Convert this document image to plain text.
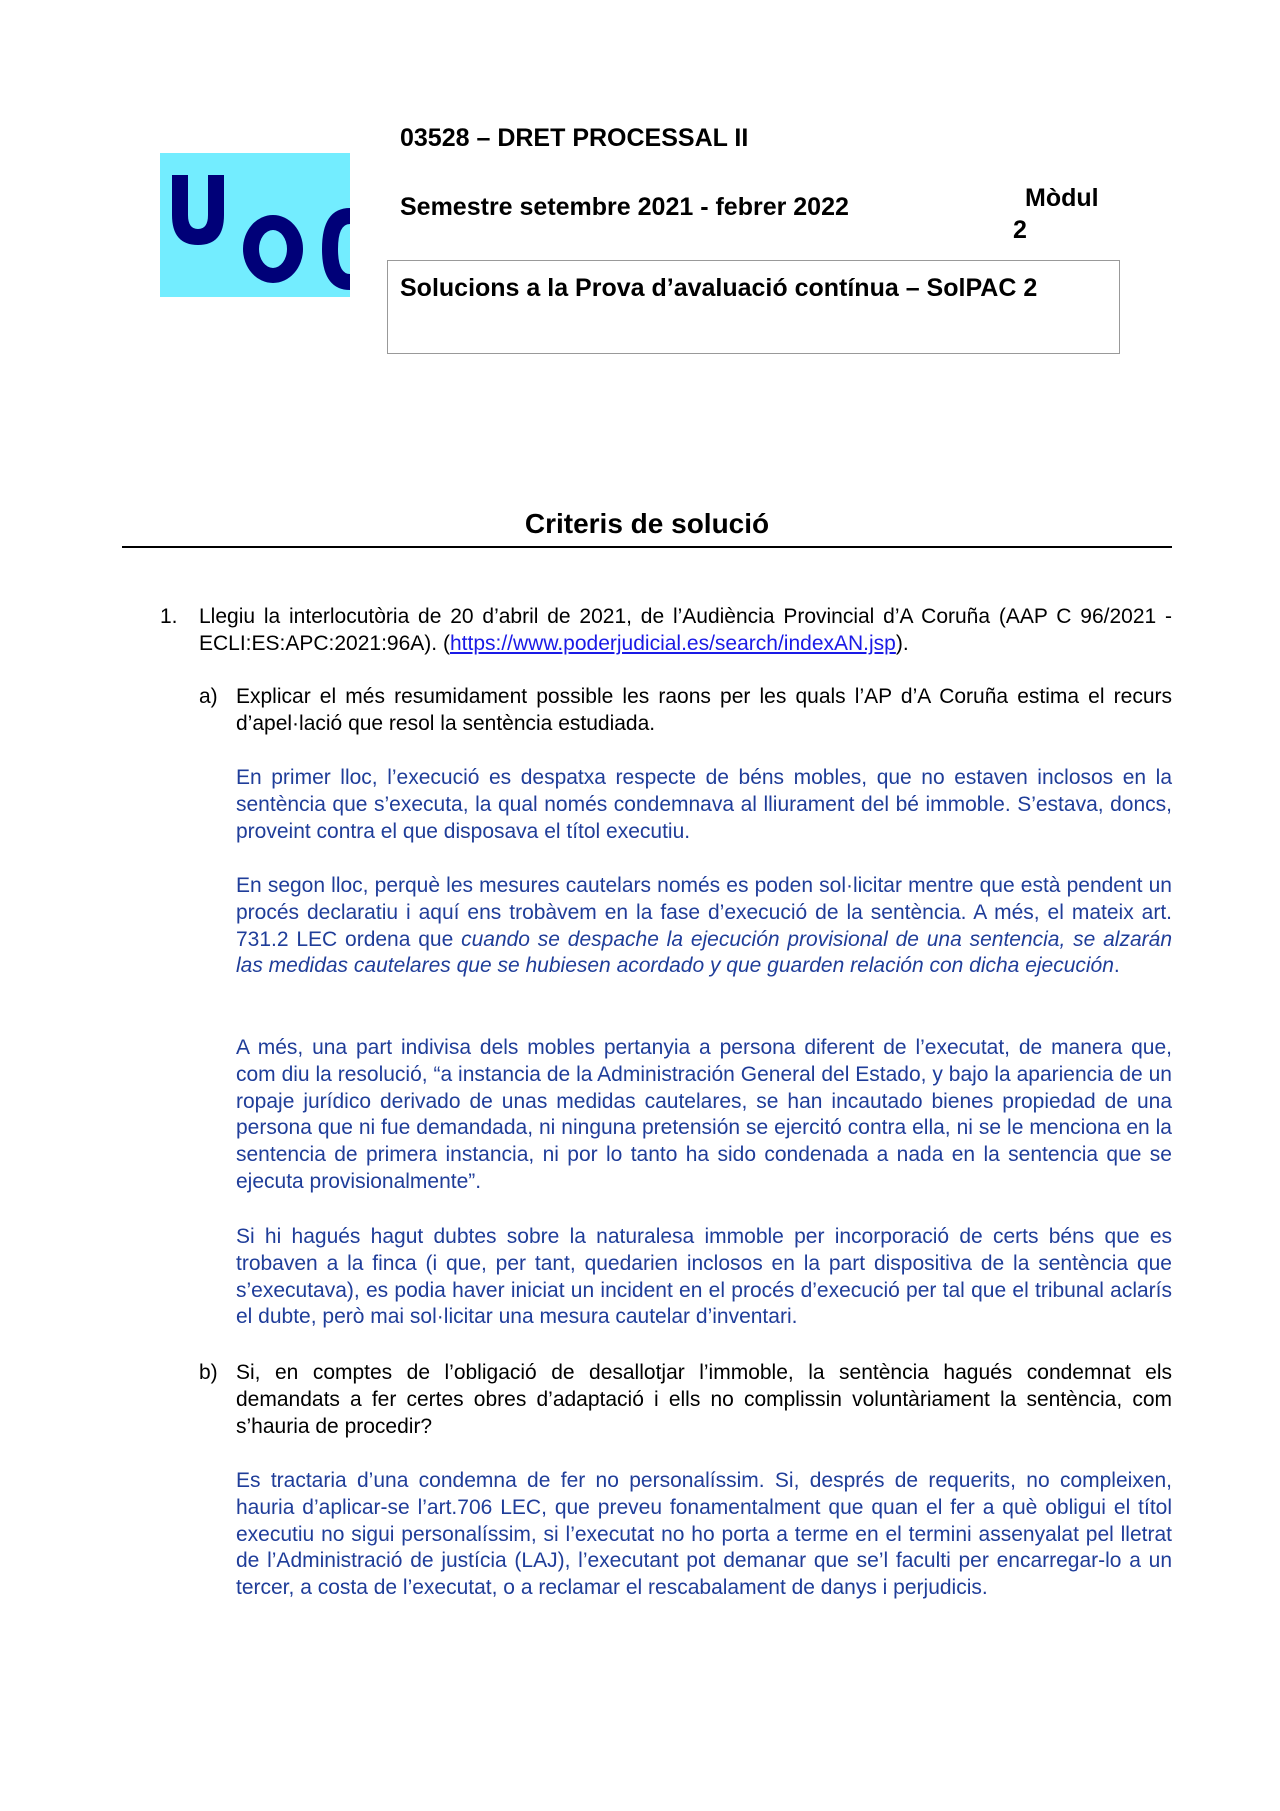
03528 – DRET PROCESSAL II
Semestre setembre 2021 - febrer 2022	Mòdul
2
Solucions a la Prova d’avaluació contínua – SolPAC 2
Criteris de solució
1. Llegiu la interlocutòria de 20 d’abril de 2021, de l’Audiència Provincial d’A Coruña (AAP C 96/2021 - ECLI:ES:APC:2021:96A). (https://www.poderjudicial.es/search/indexAN.jsp).
a) Explicar el més resumidament possible les raons per les quals l’AP d’A Coruña estima el recurs d’apel·lació que resol la sentència estudiada.
En primer lloc, l’execució es despatxa respecte de béns mobles, que no estaven inclosos en la sentència que s’executa, la qual només condemnava al lliurament del bé immoble. S’estava, doncs, proveint contra el que disposava el títol executiu.
En segon lloc, perquè les mesures cautelars només es poden sol·licitar mentre que està pendent un procés declaratiu i aquí ens trobàvem en la fase d’execució de la sentència. A més, el mateix art. 731.2 LEC ordena que cuando se despache la ejecución provisional de una sentencia, se alzarán las medidas cautelares que se hubiesen acordado y que guarden relación con dicha ejecución.
A més, una part indivisa dels mobles pertanyia a persona diferent de l’executat, de manera que, com diu la resolució, “a instancia de la Administración General del Estado, y bajo la apariencia de un ropaje jurídico derivado de unas medidas cautelares, se han incautado bienes propiedad de una persona que ni fue demandada, ni ninguna pretensión se ejercitó contra ella, ni se le menciona en la sentencia de primera instancia, ni por lo tanto ha sido condenada a nada en la sentencia que se ejecuta provisionalmente”.
Si hi hagués hagut dubtes sobre la naturalesa immoble per incorporació de certs béns que es trobaven a la finca (i que, per tant, quedarien inclosos en la part dispositiva de la sentència que s’executava), es podia haver iniciat un incident en el procés d’execució per tal que el tribunal aclarís el dubte, però mai sol·licitar una mesura cautelar d’inventari.
b) Si, en comptes de l’obligació de desallotjar l’immoble, la sentència hagués condemnat els demandats a fer certes obres d’adaptació i ells no complissin voluntàriament la sentència, com s’hauria de procedir?
Es tractaria d’una condemna de fer no personalíssim. Si, després de requerits, no compleixen, hauria d’aplicar-se l’art.706 LEC, que preveu fonamentalment que quan el fer a què obligui el títol executiu no sigui personalíssim, si l’executat no ho porta a terme en el termini assenyalat pel lletrat de l’Administració de justícia (LAJ), l’executant pot demanar que se’l faculti per encarregar-lo a un tercer, a costa de l’executat, o a reclamar el rescabalament de danys i perjudicis.
